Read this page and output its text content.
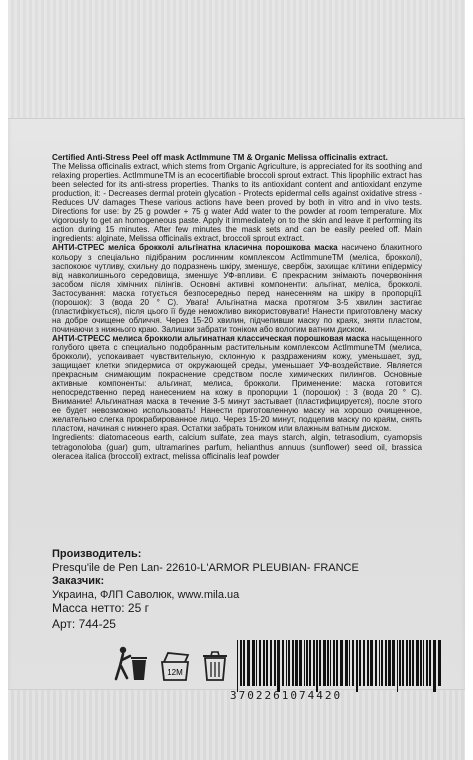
Certified Anti-Stress Peel off mask ActImmune TM & Organic Melissa officinalis extract.

The Melissa officinalis extract, which stems from Organic Agriculture, is appreciated for its soothing and relaxing properties. ActImmuneTM is an ecocertifiable broccoli sprout extract. This lipophilic extract has been selected for its anti-stress properties. Thanks to its antioxidant content and antioxidant enzyme production, it: - Decreases dermal protein glycation - Protects epidermal cells against oxidative stress - Reduces UV damages These various actions have been proved by both in vitro and in vivo tests. Directions for use: by 25 g powder + 75 g water Add water to the powder at room temperature. Mix vigorously to get an homogeneous paste. Apply it immediately on to the skin and leave it performing its action during 15 minutes. After few minutes the mask sets and can be easily peeled off. Main ingredients: alginate, Melissa officinalis extract, broccoli sprout extract.

АНТИ-СТРЕС меліса брокколі альгінатна класична порошкова маска насичено блакитного кольору з спеціально підібраним рослинним комплексом ActImmuneTM (меліса, брокколі), заспокоює чутливу, схильну до подразнень шкіру, зменшує, свербіж, захищає клітини епідермісу від навколишнього середовища, зменшує УФ-впливи. Є прекрасним знімають почервоніння засобом після хімічних пілінгів. Основні активні компоненти: альгінат, меліса, брокколі. Застосування: маска готується безпосередньо перед нанесенням на шкіру в пропорції1 (порошок): 3 (вода 20 ° C). Увага! Альгінатна маска протягом 3-5 хвилин застигає (пластифікується), після цього її буде неможливо використовувати! Нанести приготовлену маску на добре очищене обличчя. Через 15-20 хвилин, підчепивши маску по краях, зняти пластом, починаючи з нижнього краю. Залишки забрати тоніком або вологим ватним диском.

АНТИ-СТРЕСС мелиса брокколи альгинатная классическая порошковая маска насыщенного голубого цвета с специально подобранным растительным комплексом ActImmuneTM (мелиса, брокколи), успокаивает чувствительную, склонную к раздражениям кожу, уменьшает, зуд, защищает клетки эпидермиса от окружающей среды, уменьшает УФ-воздействие. Является прекрасным снимающим покраснение средством после химических пилингов. Основные активные компоненты: альгинат, мелиса, брокколи. Применение: маска готовится непосредственно перед нанесением на кожу в пропорции 1 (порошок) : 3 (вода 20 ° C). Внимание! Альгинатная маска в течение 3-5 минут застывает (пластифицируется), после этого ее будет невозможно использовать! Нанести приготовленную маску на хорошо очищенное, желательно слегка прокрабированное лицо. Через 15-20 минут, подцепив маску по краям, снять пластом, начиная с нижнего края. Остатки забрать тоником или влажным ватным диском.

Ingredients: diatomaceous earth, calcium sulfate, zea mays starch, algin, tetrasodium, cyamopsis tetragonoloba (guar) gum, ultramarines parfum, helianthus annuus (sunflower) seed oil, brassica oleracea italica (broccoli) extract, melissa officinalis leaf powder

Производитель:
Presqu'ile de Pen Lan- 22610-L'ARMOR PLEUBIAN- FRANCE
Заказчик:
Украина, ФЛП Саволюк, www.mila.ua
Масса нетто: 25 г
Арт: 744-25
12M
3702261074420
